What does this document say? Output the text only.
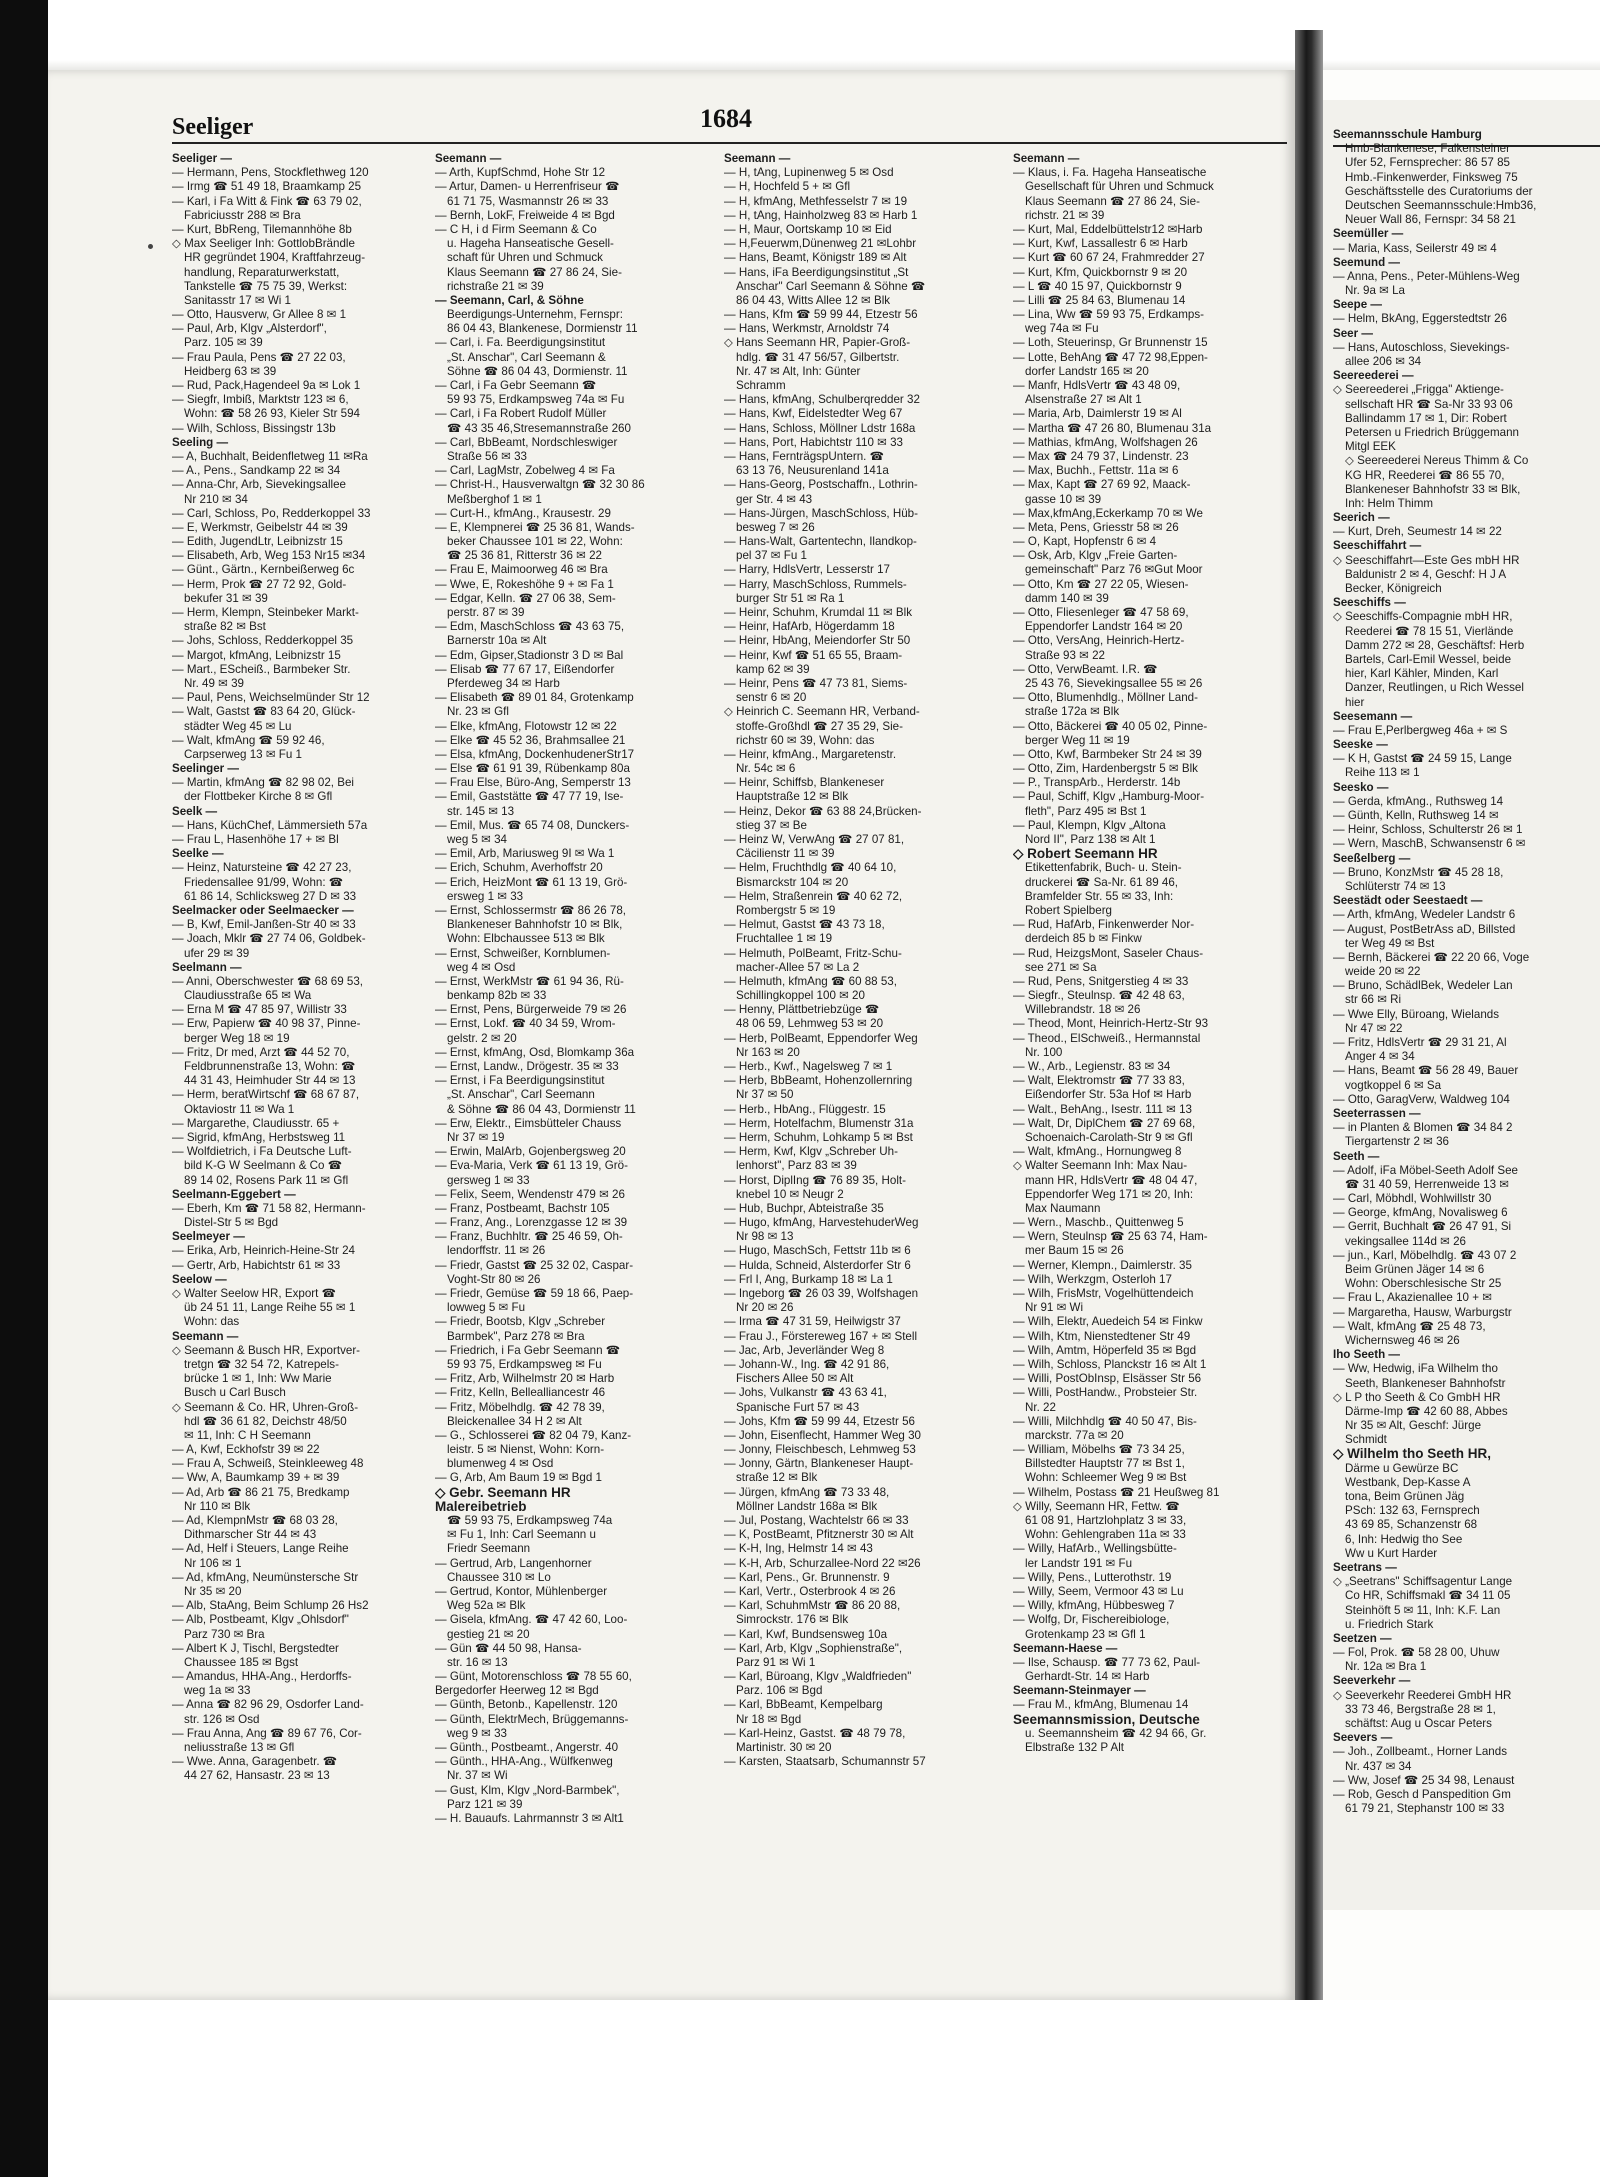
Seeliger	1684
Seeliger —
— Hermann, Pens, Stockflethweg 120
— Irmg ☎ 51 49 18, Braamkamp 25
— Karl, i Fa Witt & Fink ☎ 63 79 02,
Fabriciusstr 288 ✉ Bra
— Kurt, BbReng, Tilemannhöhe 8b
◇ Max Seeliger Inh: GottlobBrändle
HR gegründet 1904, Kraftfahrzeug-
handlung, Reparaturwerkstatt,
Tankstelle ☎ 75 75 39, Werkst:
Sanitasstr 17 ✉ Wi 1
— Otto, Hausverw, Gr Allee 8 ✉ 1
— Paul, Arb, Klgv „Alsterdorf",
Parz. 105 ✉ 39
— Frau Paula, Pens ☎ 27 22 03,
Heidberg 63 ✉ 39
— Rud, Pack,Hagendeel 9a ✉ Lok 1
— Siegfr, Imbiß, Marktstr 123 ✉ 6,
Wohn: ☎ 58 26 93, Kieler Str 594
— Wilh, Schloss, Bissingstr 13b
Seeling —
— A, Buchhalt, Beidenfletweg 11 ✉Ra
— A., Pens., Sandkamp 22 ✉ 34
— Anna-Chr, Arb, Sievekingsallee
Nr 210 ✉ 34
— Carl, Schloss, Po, Redderkoppel 33
— E, Werkmstr, Geibelstr 44 ✉ 39
— Edith, JugendLtr, Leibnizstr 15
— Elisabeth, Arb, Weg 153 Nr15 ✉34
— Günt., Gärtn., Kernbeißerweg 6c
— Herm, Prok ☎ 27 72 92, Gold-
bekufer 31 ✉ 39
— Herm, Klempn, Steinbeker Markt-
straße 82 ✉ Bst
— Johs, Schloss, Redderkoppel 35
— Margot, kfmAng, Leibnizstr 15
— Mart., EScheiß., Barmbeker Str.
Nr. 49 ✉ 39
— Paul, Pens, Weichselmünder Str 12
— Walt, Gastst ☎ 83 64 20, Glück-
städter Weg 45 ✉ Lu
— Walt, kfmAng ☎ 59 92 46,
Carpserweg 13 ✉ Fu 1
Seelinger —
— Martin, kfmAng ☎ 82 98 02, Bei
der Flottbeker Kirche 8 ✉ Gfl
Seelk —
— Hans, KüchChef, Lämmersieth 57a
— Frau L, Hasenhöhe 17 + ✉ Bl
Seelke —
— Heinz, Natursteine ☎ 42 27 23,
Friedensallee 91/99, Wohn: ☎
61 86 14, Schlicksweg 27 D ✉ 33
Seelmacker oder Seelmaecker —
— B, Kwf, Emil-Janßen-Str 40 ✉ 33
— Joach, Mklr ☎ 27 74 06, Goldbek-
ufer 29 ✉ 39
Seelmann —
— Anni, Oberschwester ☎ 68 69 53,
Claudiusstraße 65 ✉ Wa
— Erna M ☎ 47 85 97, Willistr 33
— Erw, Papierw ☎ 40 98 37, Pinne-
berger Weg 18 ✉ 19
— Fritz, Dr med, Arzt ☎ 44 52 70,
Feldbrunnenstraße 13, Wohn: ☎
44 31 43, Heimhuder Str 44 ✉ 13
— Herm, beratWirtschf ☎ 68 67 87,
Oktaviostr 11 ✉ Wa 1
— Margarethe, Claudiusstr. 65 +
— Sigrid, kfmAng, Herbstsweg 11
— Wolfdietrich, i Fa Deutsche Luft-
bild K-G W Seelmann & Co ☎
89 14 02, Rosens Park 11 ✉ Gfl
Seelmann-Eggebert —
— Eberh, Km ☎ 71 58 82, Hermann-
Distel-Str 5 ✉ Bgd
Seelmeyer —
— Erika, Arb, Heinrich-Heine-Str 24
— Gertr, Arb, Habichtstr 61 ✉ 33
Seelow —
◇ Walter Seelow HR, Export ☎
üb 24 51 11, Lange Reihe 55 ✉ 1
Wohn: das
Seemann —
◇ Seemann & Busch HR, Exportver-
tretgn ☎ 32 54 72, Katrepels-
brücke 1 ✉ 1, Inh: Ww Marie
Busch u Carl Busch
◇ Seemann & Co. HR, Uhren-Groß-
hdl ☎ 36 61 82, Deichstr 48/50
✉ 11, Inh: C H Seemann
— A, Kwf, Eckhofstr 39 ✉ 22
— Frau A, Schweiß, Steinkleeweg 48
— Ww, A, Baumkamp 39 + ✉ 39
— Ad, Arb ☎ 86 21 75, Bredkamp
Nr 110 ✉ Blk
— Ad, KlempnMstr ☎ 68 03 28,
Dithmarscher Str 44 ✉ 43
— Ad, Helf i Steuers, Lange Reihe
Nr 106 ✉ 1
— Ad, kfmAng, Neumünstersche Str
Nr 35 ✉ 20
— Alb, StaAng, Beim Schlump 26 Hs2
— Alb, Postbeamt, Klgv „Ohlsdorf"
Parz 730 ✉ Bra
— Albert K J, Tischl, Bergstedter
Chaussee 185 ✉ Bgst
— Amandus, HHA-Ang., Herdorffs-
weg 1a ✉ 33
— Anna ☎ 82 96 29, Osdorfer Land-
str. 126 ✉ Osd
— Frau Anna, Ang ☎ 89 67 76, Cor-
neliusstraße 13 ✉ Gfl
— Wwe. Anna, Garagenbetr. ☎
44 27 62, Hansastr. 23 ✉ 13
Seemann —
— Arth, KupfSchmd, Hohe Str 12
— Artur, Damen- u Herrenfriseur ☎
61 71 75, Wasmannstr 26 ✉ 33
— Bernh, LokF, Freiweide 4 ✉ Bgd
— C H, i d Firm Seemann & Co
u. Hageha Hanseatische Gesell-
schaft für Uhren und Schmuck
Klaus Seemann ☎ 27 86 24, Sie-
richstraße 21 ✉ 39
— Seemann, Carl, & Söhne
Beerdigungs-Unternehm, Fernspr:
86 04 43, Blankenese, Dormienstr 11
— Carl, i. Fa. Beerdigungsinstitut
„St. Anschar", Carl Seemann &
Söhne ☎ 86 04 43, Dormienstr. 11
— Carl, i Fa Gebr Seemann ☎
59 93 75, Erdkampsweg 74a ✉ Fu
— Carl, i Fa Robert Rudolf Müller
☎ 43 35 46,Stresemannstraße 260
— Carl, BbBeamt, Nordschleswiger
Straße 56 ✉ 33
— Carl, LagMstr, Zobelweg 4 ✉ Fa
— Christ-H., Hausverwaltgn ☎ 32 30 86
Meßberghof 1 ✉ 1
— Curt-H., kfmAng., Krausestr. 29
— E, Klempnerei ☎ 25 36 81, Wands-
beker Chaussee 101 ✉ 22, Wohn:
☎ 25 36 81, Ritterstr 36 ✉ 22
— Frau E, Maimoorweg 46 ✉ Bra
— Wwe, E, Rokeshöhe 9 + ✉ Fa 1
— Edgar, Kelln. ☎ 27 06 38, Sem-
perstr. 87 ✉ 39
— Edm, MaschSchloss ☎ 43 63 75,
Barnerstr 10a ✉ Alt
— Edm, Gipser,Stadionstr 3 D ✉ Bal
— Elisab ☎ 77 67 17, Eißendorfer
Pferdeweg 34 ✉ Harb
— Elisabeth ☎ 89 01 84, Grotenkamp
Nr. 23 ✉ Gfl
— Elke, kfmAng, Flotowstr 12 ✉ 22
— Elke ☎ 45 52 36, Brahmsallee 21
— Elsa, kfmAng, DockenhudenerStr17
— Else ☎ 61 91 39, Rübenkamp 80a
— Frau Else, Büro-Ang, Semperstr 13
— Emil, Gaststätte ☎ 47 77 19, Ise-
str. 145 ✉ 13
— Emil, Mus. ☎ 65 74 08, Dunckers-
weg 5 ✉ 34
— Emil, Arb, Mariusweg 9I ✉ Wa 1
— Erich, Schuhm, Averhoffstr 20
— Erich, HeizMont ☎ 61 13 19, Grö-
ersweg 1 ✉ 33
— Ernst, Schlossermstr ☎ 86 26 78,
Blankeneser Bahnhofstr 10 ✉ Blk,
Wohn: Elbchaussee 513 ✉ Blk
— Ernst, Schweißer, Kornblumen-
weg 4 ✉ Osd
— Ernst, WerkMstr ☎ 61 94 36, Rü-
benkamp 82b ✉ 33
— Ernst, Pens, Bürgerweide 79 ✉ 26
— Ernst, Lokf. ☎ 40 34 59, Wrom-
gelstr. 2 ✉ 20
— Ernst, kfmAng, Osd, Blomkamp 36a
— Ernst, Landw., Drögestr. 35 ✉ 33
— Ernst, i Fa Beerdigungsinstitut
„St. Anschar", Carl Seemann
& Söhne ☎ 86 04 43, Dormienstr 11
— Erw, Elektr., Eimsbütteler Chauss
Nr 37 ✉ 19
— Erwin, MalArb, Gojenbergsweg 20
— Eva-Maria, Verk ☎ 61 13 19, Grö-
gersweg 1 ✉ 33
— Felix, Seem, Wendenstr 479 ✉ 26
— Franz, Postbeamt, Bachstr 105
— Franz, Ang., Lorenzgasse 12 ✉ 39
— Franz, Buchhltr. ☎ 25 46 59, Oh-
lendorffstr. 11 ✉ 26
— Friedr, Gastst ☎ 25 32 02, Caspar-
Voght-Str 80 ✉ 26
— Friedr, Gemüse ☎ 59 18 66, Paep-
lowweg 5 ✉ Fu
— Friedr, Bootsb, Klgv „Schreber
Barmbek", Parz 278 ✉ Bra
— Friedrich, i Fa Gebr Seemann ☎
59 93 75, Erdkampsweg ✉ Fu
— Fritz, Arb, Wilhelmstr 20 ✉ Harb
— Fritz, Kelln, Bellealliancestr 46
— Fritz, Möbelhdlg. ☎ 42 78 39,
Bleickenallee 34 H 2 ✉ Alt
— G., Schlosserei ☎ 82 04 79, Kanz-
leistr. 5 ✉ Nienst, Wohn: Korn-
blumenweg 4 ✉ Osd
— G, Arb, Am Baum 19 ✉ Bgd 1
◇ Gebr. Seemann HR
Malereibetrieb
☎ 59 93 75, Erdkampsweg 74a
✉ Fu 1, Inh: Carl Seemann u
Friedr Seemann
— Gertrud, Arb, Langenhorner
Chaussee 310 ✉ Lo
— Gertrud, Kontor, Mühlenberger
Weg 52a ✉ Blk
— Gisela, kfmAng. ☎ 47 42 60, Loo-
gestieg 21 ✉ 20
— Gün ☎ 44 50 98, Hansa-
str. 16 ✉ 13
— Günt, Motorenschloss ☎ 78 55 60,
Bergedorfer Heerweg 12 ✉ Bgd
— Günth, Betonb., Kapellenstr. 120
— Günth, ElektrMech, Brüggemanns-
weg 9 ✉ 33
— Günth., Postbeamt., Angerstr. 40
— Günth., HHA-Ang., Wülfkenweg
Nr. 37 ✉ Wi
— Gust, Klm, Klgv „Nord-Barmbek",
Parz 121 ✉ 39
— H. Bauaufs. Lahrmannstr 3 ✉ Alt1
Seemann —
— H, tAng, Lupinenweg 5 ✉ Osd
— H, Hochfeld 5 + ✉ Gfl
— H, kfmAng, Methfesselstr 7 ✉ 19
— H, tAng, Hainholzweg 83 ✉ Harb 1
— H, Maur, Oortskamp 10 ✉ Eid
— H,Feuerwm,Dünenweg 21 ✉Lohbr
— Hans, Beamt, Königstr 189 ✉ Alt
— Hans, iFa Beerdigungsinstitut „St
Anschar" Carl Seemann & Söhne ☎
86 04 43, Witts Allee 12 ✉ Blk
— Hans, Kfm ☎ 59 99 44, Etzestr 56
— Hans, Werkmstr, Arnoldstr 74
◇ Hans Seemann HR, Papier-Groß-
hdlg. ☎ 31 47 56/57, Gilbertstr.
Nr. 47 ✉ Alt, Inh: Günter
Schramm
— Hans, kfmAng, Schulberqredder 32
— Hans, Kwf, Eidelstedter Weg 67
— Hans, Schloss, Möllner Ldstr 168a
— Hans, Port, Habichtstr 110 ✉ 33
— Hans, FernträgspUntern. ☎
63 13 76, Neusurenland 141a
— Hans-Georg, Postschaffn., Lothrin-
ger Str. 4 ✉ 43
— Hans-Jürgen, MaschSchloss, Hüb-
besweg 7 ✉ 26
— Hans-Walt, Gartentechn, Ilandkop-
pel 37 ✉ Fu 1
— Harry, HdlsVertr, Lesserstr 17
— Harry, MaschSchloss, Rummels-
burger Str 51 ✉ Ra 1
— Heinr, Schuhm, Krumdal 11 ✉ Blk
— Heinr, HafArb, Högerdamm 18
— Heinr, HbAng, Meiendorfer Str 50
— Heinr, Kwf ☎ 51 65 55, Braam-
kamp 62 ✉ 39
— Heinr, Pens ☎ 47 73 81, Siems-
senstr 6 ✉ 20
◇ Heinrich C. Seemann HR, Verband-
stoffe-Großhdl ☎ 27 35 29, Sie-
richstr 60 ✉ 39, Wohn: das
— Heinr, kfmAng., Margaretenstr.
Nr. 54c ✉ 6
— Heinr, Schiffsb, Blankeneser
Hauptstraße 12 ✉ Blk
— Heinz, Dekor ☎ 63 88 24,Brücken-
stieg 37 ✉ Be
— Heinz W, VerwAng ☎ 27 07 81,
Cäcilienstr 11 ✉ 39
— Helm, Fruchthdlg ☎ 40 64 10,
Bismarckstr 104 ✉ 20
— Helm, Straßenrein ☎ 40 62 72,
Rombergstr 5 ✉ 19
— Helmut, Gastst ☎ 43 73 18,
Fruchtallee 1 ✉ 19
— Helmuth, PolBeamt, Fritz-Schu-
macher-Allee 57 ✉ La 2
— Helmuth, kfmAng ☎ 60 88 53,
Schillingkoppel 100 ✉ 20
— Henny, Plättbetriebzüge ☎
48 06 59, Lehmweg 53 ✉ 20
— Herb, PolBeamt, Eppendorfer Weg
Nr 163 ✉ 20
— Herb., Kwf., Nagelsweg 7 ✉ 1
— Herb, BbBeamt, Hohenzollernring
Nr 37 ✉ 50
— Herb., HbAng., Flüggestr. 15
— Herm, Hotelfachm, Blumenstr 31a
— Herm, Schuhm, Lohkamp 5 ✉ Bst
— Herm, Kwf, Klgv „Schreber Uh-
lenhorst", Parz 83 ✉ 39
— Horst, DiplIng ☎ 76 89 35, Holt-
knebel 10 ✉ Neugr 2
— Hub, Buchpr, Abteistraße 35
— Hugo, kfmAng, HarvestehuderWeg
Nr 98 ✉ 13
— Hugo, MaschSch, Fettstr 11b ✉ 6
— Hulda, Schneid, Alsterdorfer Str 6
— Frl I, Ang, Burkamp 18 ✉ La 1
— Ingeborg ☎ 26 03 39, Wolfshagen
Nr 20 ✉ 26
— Irma ☎ 47 31 59, Heilwigstr 37
— Frau J., Förstereweg 167 + ✉ Stell
— Jac, Arb, Jeverländer Weg 8
— Johann-W., Ing. ☎ 42 91 86,
Fischers Allee 50 ✉ Alt
— Johs, Vulkanstr ☎ 43 63 41,
Spanische Furt 57 ✉ 43
— Johs, Kfm ☎ 59 99 44, Etzestr 56
— John, Eisenflecht, Hammer Weg 30
— Jonny, Fleischbesch, Lehmweg 53
— Jonny, Gärtn, Blankeneser Haupt-
straße 12 ✉ Blk
— Jürgen, kfmAng ☎ 73 33 48,
Möllner Landstr 168a ✉ Blk
— Jul, Postang, Wachtelstr 66 ✉ 33
— K, PostBeamt, Pfitznerstr 30 ✉ Alt
— K-H, Ing, Helmstr 14 ✉ 43
— K-H, Arb, Schurzallee-Nord 22 ✉26
— Karl, Pens., Gr. Brunnenstr. 9
— Karl, Vertr., Osterbrook 4 ✉ 26
— Karl, SchuhmMstr ☎ 86 20 88,
Simrockstr. 176 ✉ Blk
— Karl, Kwf, Bundsensweg 10a
— Karl, Arb, Klgv „Sophienstraße",
Parz 91 ✉ Wi 1
— Karl, Büroang, Klgv „Waldfrieden"
Parz. 106 ✉ Bgd
— Karl, BbBeamt, Kempelbarg
Nr 18 ✉ Bgd
— Karl-Heinz, Gastst. ☎ 48 79 78,
Martinistr. 30 ✉ 20
— Karsten, Staatsarb, Schumannstr 57
Seemann —
— Klaus, i. Fa. Hageha Hanseatische
Gesellschaft für Uhren und Schmuck
Klaus Seemann ☎ 27 86 24, Sie-
richstr. 21 ✉ 39
— Kurt, Mal, Eddelbüttelstr12 ✉Harb
— Kurt, Kwf, Lassallestr 6 ✉ Harb
— Kurt ☎ 60 67 24, Frahmredder 27
— Kurt, Kfm, Quickbornstr 9 ✉ 20
— L ☎ 40 15 97, Quickbornstr 9
— Lilli ☎ 25 84 63, Blumenau 14
— Lina, Ww ☎ 59 93 75, Erdkamps-
weg 74a ✉ Fu
— Loth, Steuerinsp, Gr Brunnenstr 15
— Lotte, BehAng ☎ 47 72 98,Eppen-
dorfer Landstr 165 ✉ 20
— Manfr, HdlsVertr ☎ 43 48 09,
Alsenstraße 27 ✉ Alt 1
— Maria, Arb, Daimlerstr 19 ✉ Al
— Martha ☎ 47 26 80, Blumenau 31a
— Mathias, kfmAng, Wolfshagen 26
— Max ☎ 24 79 37, Lindenstr. 23
— Max, Buchh., Fettstr. 11a ✉ 6
— Max, Kapt ☎ 27 69 92, Maack-
gasse 10 ✉ 39
— Max,kfmAng,Eckerkamp 70 ✉ We
— Meta, Pens, Griesstr 58 ✉ 26
— O, Kapt, Hopfenstr 6 ✉ 4
— Osk, Arb, Klgv „Freie Garten-
gemeinschaft" Parz 76 ✉Gut Moor
— Otto, Km ☎ 27 22 05, Wiesen-
damm 140 ✉ 39
— Otto, Fliesenleger ☎ 47 58 69,
Eppendorfer Landstr 164 ✉ 20
— Otto, VersAng, Heinrich-Hertz-
Straße 93 ✉ 22
— Otto, VerwBeamt. I.R. ☎
25 43 76, Sievekingsallee 55 ✉ 26
— Otto, Blumenhdlg., Möllner Land-
straße 172a ✉ Blk
— Otto, Bäckerei ☎ 40 05 02, Pinne-
berger Weg 11 ✉ 19
— Otto, Kwf, Barmbeker Str 24 ✉ 39
— Otto, Zim, Hardenbergstr 5 ✉ Blk
— P., TranspArb., Herderstr. 14b
— Paul, Schiff, Klgv „Hamburg-Moor-
fleth", Parz 495 ✉ Bst 1
— Paul, Klempn, Klgv „Altona
Nord II", Parz 138 ✉ Alt 1
◇ Robert Seemann HR
Etikettenfabrik, Buch- u. Stein-
druckerei ☎ Sa-Nr. 61 89 46,
Bramfelder Str. 55 ✉ 33, Inh:
Robert Spielberg
— Rud, HafArb, Finkenwerder Nor-
derdeich 85 b ✉ Finkw
— Rud, HeizgsMont, Saseler Chaus-
see 271 ✉ Sa
— Rud, Pens, Snitgerstieg 4 ✉ 33
— Siegfr., Steulnsp. ☎ 42 48 63,
Willebrandstr. 18 ✉ 26
— Theod, Mont, Heinrich-Hertz-Str 93
— Theod., ElSchweiß., Hermannstal
Nr. 100
— W., Arb., Legienstr. 83 ✉ 34
— Walt, Elektromstr ☎ 77 33 83,
Eißendorfer Str. 53a Hof ✉ Harb
— Walt., BehAng., Isestr. 111 ✉ 13
— Walt, Dr, DiplChem ☎ 27 69 68,
Schoenaich-Carolath-Str 9 ✉ Gfl
— Walt, kfmAng., Hornungweg 8
◇ Walter Seemann Inh: Max Nau-
mann HR, HdlsVertr ☎ 48 04 47,
Eppendorfer Weg 171 ✉ 20, Inh:
Max Naumann
— Wern., Maschb., Quittenweg 5
— Wern, Steulnsp ☎ 25 63 74, Ham-
mer Baum 15 ✉ 26
— Werner, Klempn., Daimlerstr. 35
— Wilh, Werkzgm, Osterloh 17
— Wilh, FrisMstr, Vogelhüttendeich
Nr 91 ✉ Wi
— Wilh, Elektr, Auedeich 54 ✉ Finkw
— Wilh, Ktm, Nienstedtener Str 49
— Wilh, Amtm, Höperfeld 35 ✉ Bgd
— Wilh, Schloss, Planckstr 16 ✉ Alt 1
— Willi, PostObInsp, Elsässer Str 56
— Willi, PostHandw., Probsteier Str.
Nr. 22
— Willi, Milchhdlg ☎ 40 50 47, Bis-
marckstr. 77a ✉ 20
— William, Möbelhs ☎ 73 34 25,
Billstedter Hauptstr 77 ✉ Bst 1,
Wohn: Schleemer Weg 9 ✉ Bst
— Wilhelm, Postass ☎ 21 Heußweg 81
◇ Willy, Seemann HR, Fettw. ☎
61 08 91, Hartzlohplatz 3 ✉ 33,
Wohn: Gehlengraben 11a ✉ 33
— Willy, HafArb., Wellingsbütte-
ler Landstr 191 ✉ Fu
— Willy, Pens., Lutterothstr. 19
— Willy, Seem, Vermoor 43 ✉ Lu
— Willy, kfmAng, Hübbesweg 7
— Wolfg, Dr, Fischereibiologe,
Grotenkamp 23 ✉ Gfl 1
Seemann-Haese —
— Ilse, Schausp. ☎ 77 73 62, Paul-
Gerhardt-Str. 14 ✉ Harb
Seemann-Steinmayer —
— Frau M., kfmAng, Blumenau 14
Seemannsmission, Deutsche
u. Seemannsheim ☎ 42 94 66, Gr.
Elbstraße 132 P Alt
Seemannsschule Hamburg
Hmb-Blankenese, Falkensteiner
Ufer 52, Fernsprecher: 86 57 85
Hmb.-Finkenwerder, Finksweg 75
Geschäftsstelle des Curatoriums der
Deutschen Seemannsschule:Hmb36,
Neuer Wall 86, Fernspr: 34 58 21
Seemüller —
— Maria, Kass, Seilerstr 49 ✉ 4
Seemund —
— Anna, Pens., Peter-Mühlens-Weg
Nr. 9a ✉ La
Seepe —
— Helm, BkAng, Eggerstedtstr 26
Seer —
— Hans, Autoschloss, Sievekings-
allee 206 ✉ 34
Seereederei —
◇ Seereederei „Frigga" Aktienge-
sellschaft HR ☎ Sa-Nr 33 93 06
Ballindamm 17 ✉ 1, Dir: Robert
Petersen u Friedrich Brüggemann
Mitgl EEK
◇ Seereederei Nereus Thimm & Co
KG HR, Reederei ☎ 86 55 70,
Blankeneser Bahnhofstr 33 ✉ Blk,
Inh: Helm Thimm
Seerich —
— Kurt, Dreh, Seumestr 14 ✉ 22
Seeschiffahrt —
◇ Seeschiffahrt—Este Ges mbH HR
Baldunistr 2 ✉ 4, Geschf: H J A
Becker, Königreich
Seeschiffs —
◇ Seeschiffs-Compagnie mbH HR,
Reederei ☎ 78 15 51, Vierlände
Damm 272 ✉ 28, Geschäftsf: Herb
Bartels, Carl-Emil Wessel, beide
hier, Karl Kähler, Minden, Karl
Danzer, Reutlingen, u Rich Wessel
hier
Seesemann —
— Frau E,Perlbergweg 46a + ✉ S
Seeske —
— K H, Gastst ☎ 24 59 15, Lange
Reihe 113 ✉ 1
Seesko —
— Gerda, kfmAng., Ruthsweg 14
— Günth, Kelln, Ruthsweg 14 ✉
— Heinr, Schloss, Schulterstr 26 ✉ 1
— Wern, MaschB, Schwansenstr 6 ✉
Seeßelberg —
— Bruno, KonzMstr ☎ 45 28 18,
Schlüterstr 74 ✉ 13
Seestädt oder Seestaedt —
— Arth, kfmAng, Wedeler Landstr 6
— August, PostBetrAss aD, Billsted
ter Weg 49 ✉ Bst
— Bernh, Bäckerei ☎ 22 20 66, Voge
weide 20 ✉ 22
— Bruno, SchädlBek, Wedeler Lan
str 66 ✉ Ri
— Wwe Elly, Büroang, Wielands
Nr 47 ✉ 22
— Fritz, HdlsVertr ☎ 29 31 21, Al
Anger 4 ✉ 34
— Hans, Beamt ☎ 56 28 49, Bauer
vogtkoppel 6 ✉ Sa
— Otto, GaragVerw, Waldweg 104
Seeterrassen —
— in Planten & Blomen ☎ 34 84 2
Tiergartenstr 2 ✉ 36
Seeth —
— Adolf, iFa Möbel-Seeth Adolf See
☎ 31 40 59, Herrenweide 13 ✉
— Carl, Möbhdl, Wohlwillstr 30
— George, kfmAng, Novalisweg 6
— Gerrit, Buchhalt ☎ 26 47 91, Si
vekingsallee 114d ✉ 26
— jun., Karl, Möbelhdlg. ☎ 43 07 2
Beim Grünen Jäger 14 ✉ 6
Wohn: Oberschlesische Str 25
— Frau L, Akazienallee 10 + ✉
— Margaretha, Hausw, Warburgstr
— Walt, kfmAng ☎ 25 48 73,
Wichernsweg 46 ✉ 26
Iho Seeth —
— Ww, Hedwig, iFa Wilhelm tho
Seeth, Blankeneser Bahnhofstr
◇ L P tho Seeth & Co GmbH HR
Därme-Imp ☎ 42 60 88, Abbes
Nr 35 ✉ Alt, Geschf: Jürge
Schmidt
◇ Wilhelm tho Seeth HR,
Därme u Gewürze BC
Westbank, Dep-Kasse A
tona, Beim Grünen Jäg
PSch: 132 63, Fernsprech
43 69 85, Schanzenstr 68
6, Inh: Hedwig tho See
Ww u Kurt Harder
Seetrans —
◇ „Seetrans" Schiffsagentur Lange
Co HR, Schiffsmakl ☎ 34 11 05
Steinhöft 5 ✉ 11, Inh: K.F. Lan
u. Friedrich Stark
Seetzen —
— Fol, Prok. ☎ 58 28 00, Uhuw
Nr. 12a ✉ Bra 1
Seeverkehr —
◇ Seeverkehr Reederei GmbH HR
33 73 46, Bergstraße 28 ✉ 1,
schäftst: Aug u Oscar Peters
Seevers —
— Joh., Zollbeamt., Horner Lands
Nr. 437 ✉ 34
— Ww, Josef ☎ 25 34 98, Lenaust
— Rob, Gesch d Panspedition Gm
61 79 21, Stephanstr 100 ✉ 33
